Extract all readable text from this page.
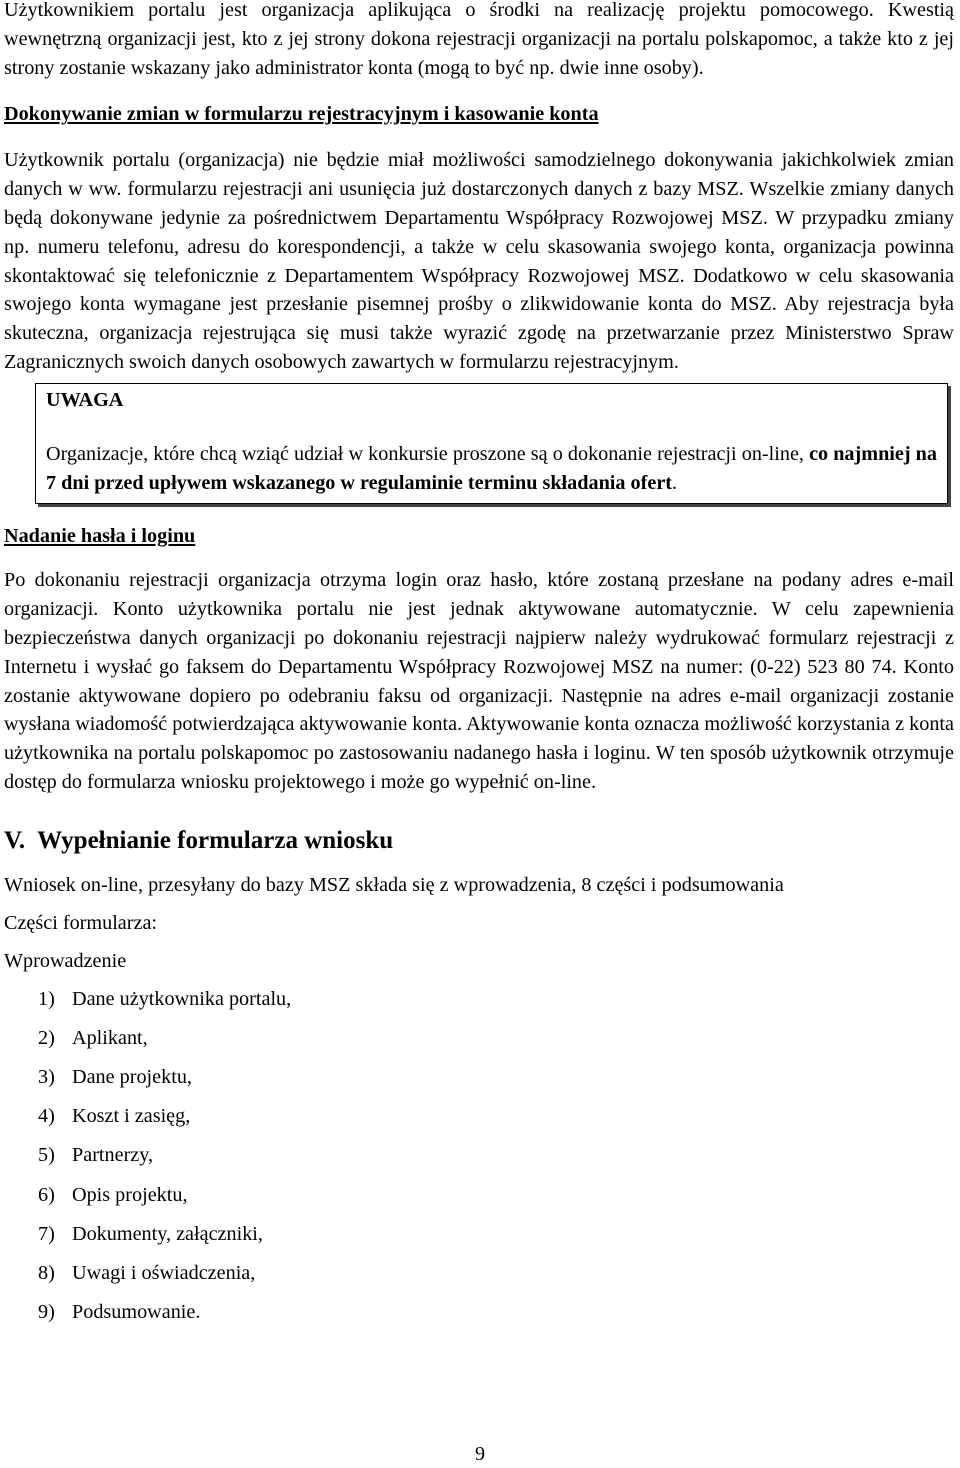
Użytkownikiem portalu jest organizacja aplikująca o środki na realizację projektu pomocowego. Kwestią wewnętrzną organizacji jest, kto z jej strony dokona rejestracji organizacji na portalu polskapomoc, a także kto z jej strony zostanie wskazany jako administrator konta (mogą to być np. dwie inne osoby).

Dokonywanie zmian w formularzu rejestracyjnym i kasowanie konta

Użytkownik portalu (organizacja) nie będzie miał możliwości samodzielnego dokonywania jakichkolwiek zmian danych w ww. formularzu rejestracji ani usunięcia już dostarczonych danych z bazy MSZ. Wszelkie zmiany danych będą dokonywane jedynie za pośrednictwem Departamentu Współpracy Rozwojowej MSZ. W przypadku zmiany np. numeru telefonu, adresu do korespondencji, a także w celu skasowania swojego konta, organizacja powinna skontaktować się telefonicznie z Departamentem Współpracy Rozwojowej MSZ. Dodatkowo w celu skasowania swojego konta wymagane jest przesłanie pisemnej prośby o zlikwidowanie konta do MSZ. Aby rejestracja była skuteczna, organizacja rejestrująca się musi także wyrazić zgodę na przetwarzanie przez Ministerstwo Spraw Zagranicznych swoich danych osobowych zawartych w formularzu rejestracyjnym.

UWAGA
Organizacje, które chcą wziąć udział w konkursie proszone są o dokonanie rejestracji on-line, co najmniej na 7 dni przed upływem wskazanego w regulaminie terminu składania ofert.
Nadanie hasła i loginu

Po dokonaniu rejestracji organizacja otrzyma login oraz hasło, które zostaną przesłane na podany adres e-mail organizacji. Konto użytkownika portalu nie jest jednak aktywowane automatycznie. W celu zapewnienia bezpieczeństwa danych organizacji po dokonaniu rejestracji najpierw należy wydrukować formularz rejestracji z Internetu i wysłać go faksem do Departamentu Współpracy Rozwojowej MSZ na numer: (0-22) 523 80 74. Konto zostanie aktywowane dopiero po odebraniu faksu od organizacji. Następnie na adres e-mail organizacji zostanie wysłana wiadomość potwierdzająca aktywowanie konta. Aktywowanie konta oznacza możliwość korzystania z konta użytkownika na portalu polskapomoc po zastosowaniu nadanego hasła i loginu. W ten sposób użytkownik otrzymuje dostęp do formularza wniosku projektowego i może go wypełnić on-line.

V. Wypełnianie formularza wniosku
Wniosek on-line, przesyłany do bazy MSZ składa się z wprowadzenia, 8 części i podsumowania
Części formularza:
Wprowadzenie
1) Dane użytkownika portalu,
2) Aplikant,
3) Dane projektu,
4) Koszt i zasięg,
5) Partnerzy,
6) Opis projektu,
7) Dokumenty, załączniki,
8) Uwagi i oświadczenia,
9) Podsumowanie.
9
